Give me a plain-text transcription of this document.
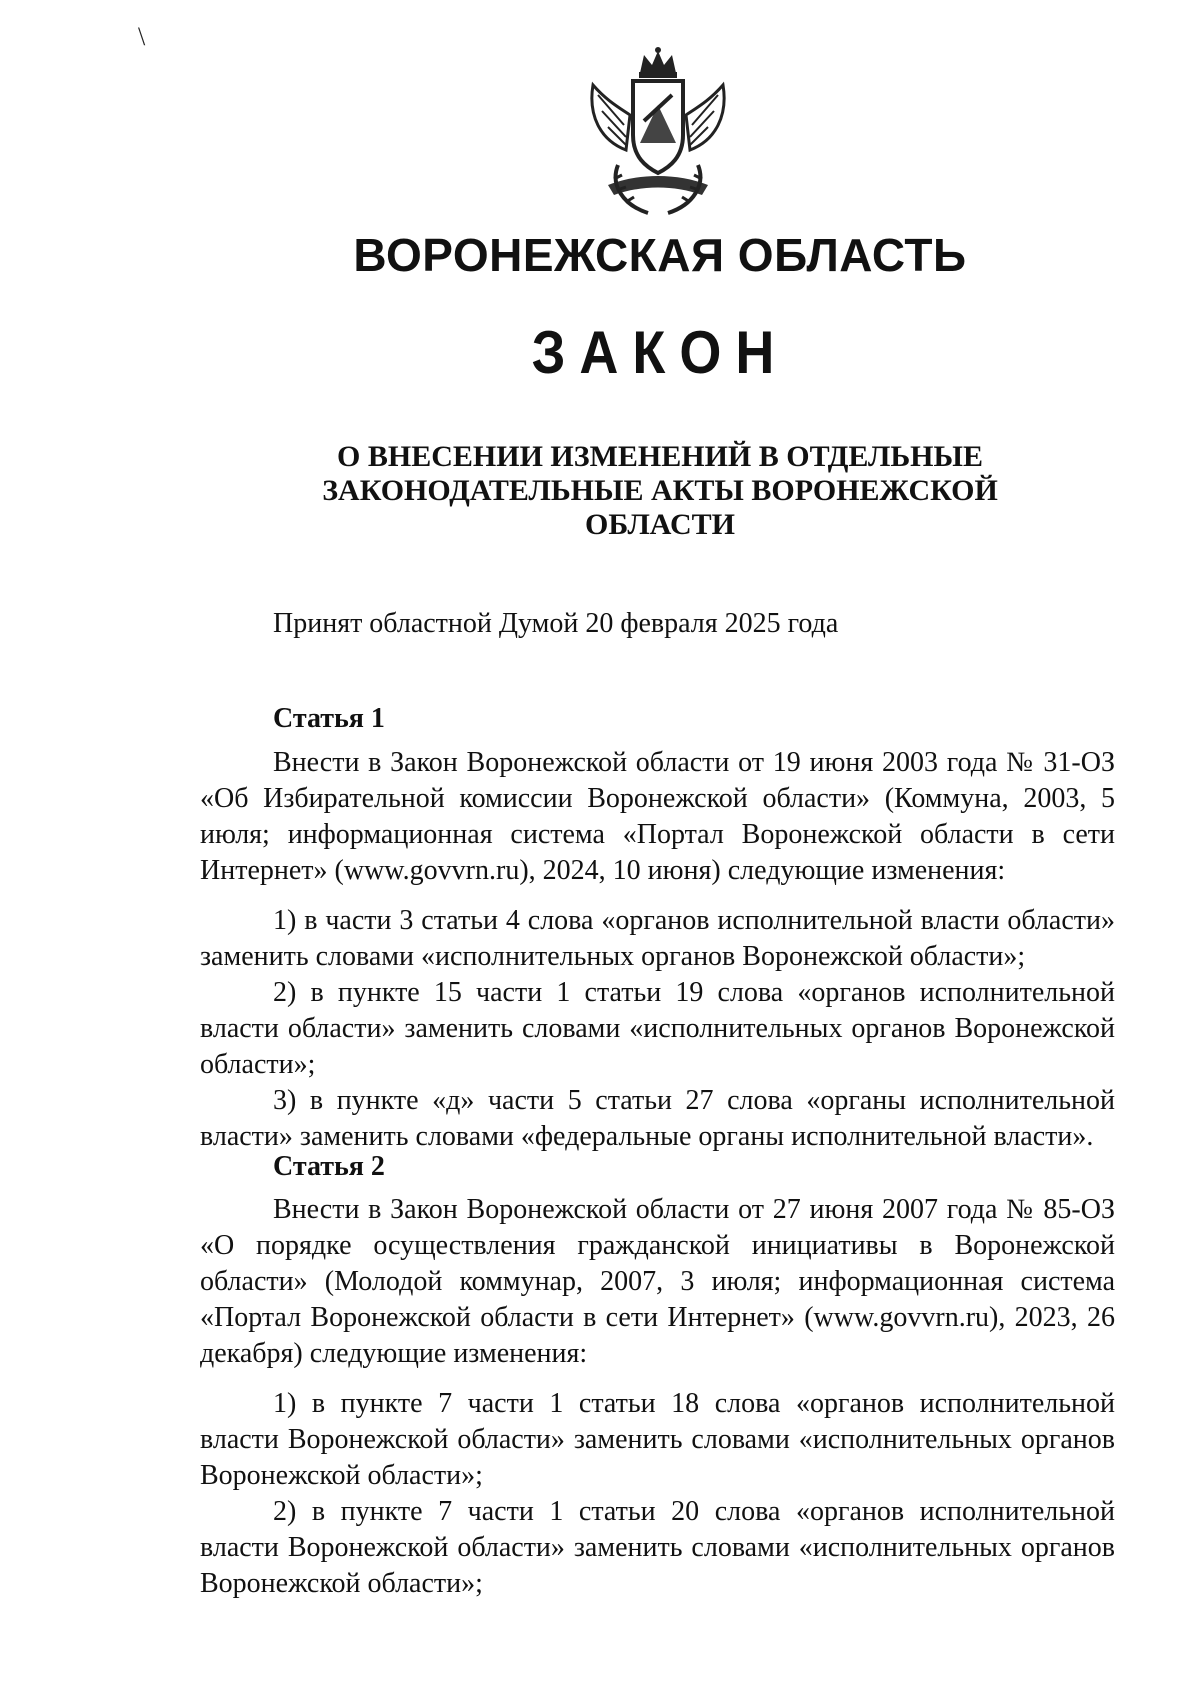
\
ВОРОНЕЖСКАЯ ОБЛАСТЬ
ЗАКОН

О ВНЕСЕНИИ ИЗМЕНЕНИЙ В ОТДЕЛЬНЫЕ ЗАКОНОДАТЕЛЬНЫЕ АКТЫ ВОРОНЕЖСКОЙ ОБЛАСТИ

Принят областной Думой 20 февраля 2025 года

Статья 1

Внести в Закон Воронежской области от 19 июня 2003 года № 31-ОЗ «Об Избирательной комиссии Воронежской области» (Коммуна, 2003, 5 июля; информационная система «Портал Воронежской области в сети Интернет» (www.govvrn.ru), 2024, 10 июня) следующие изменения:

1) в части 3 статьи 4 слова «органов исполнительной власти области» заменить словами «исполнительных органов Воронежской области»;

2) в пункте 15 части 1 статьи 19 слова «органов исполнительной власти области» заменить словами «исполнительных органов Воронежской области»;

3) в пункте «д» части 5 статьи 27 слова «органы исполнительной власти» заменить словами «федеральные органы исполнительной власти».

Статья 2

Внести в Закон Воронежской области от 27 июня 2007 года № 85-ОЗ «О порядке осуществления гражданской инициативы в Воронежской области» (Молодой коммунар, 2007, 3 июля; информационная система «Портал Воронежской области в сети Интернет» (www.govvrn.ru), 2023, 26 декабря) следующие изменения:

1) в пункте 7 части 1 статьи 18 слова «органов исполнительной власти Воронежской области» заменить словами «исполнительных органов Воронежской области»;

2) в пункте 7 части 1 статьи 20 слова «органов исполнительной власти Воронежской области» заменить словами «исполнительных органов Воронежской области»;
